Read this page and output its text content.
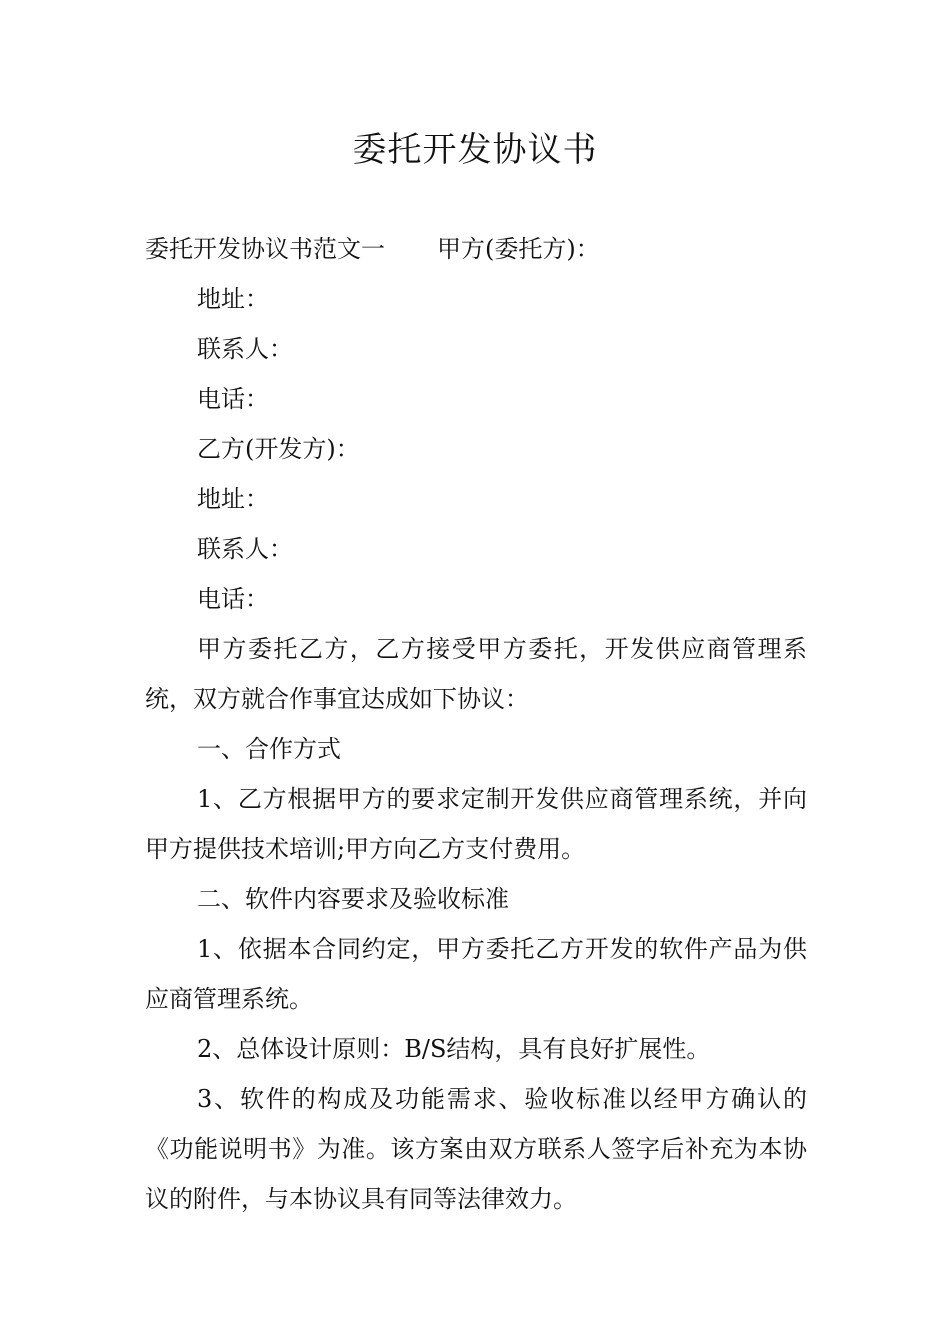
委托开发协议书
委托开发协议书范文一 甲方(委托方)：
地址：
联系人：
电话：
乙方(开发方)：
地址：
联系人：
电话：
甲方委托乙方，乙方接受甲方委托，开发供应商管理系统，双方就合作事宜达成如下协议：
一、合作方式
1、乙方根据甲方的要求定制开发供应商管理系统，并向甲方提供技术培训;甲方向乙方支付费用。
二、软件内容要求及验收标准
1、依据本合同约定，甲方委托乙方开发的软件产品为供应商管理系统。
2、总体设计原则：B/S结构，具有良好扩展性。
3、软件的构成及功能需求、验收标准以经甲方确认的《功能说明书》为准。该方案由双方联系人签字后补充为本协议的附件，与本协议具有同等法律效力。
